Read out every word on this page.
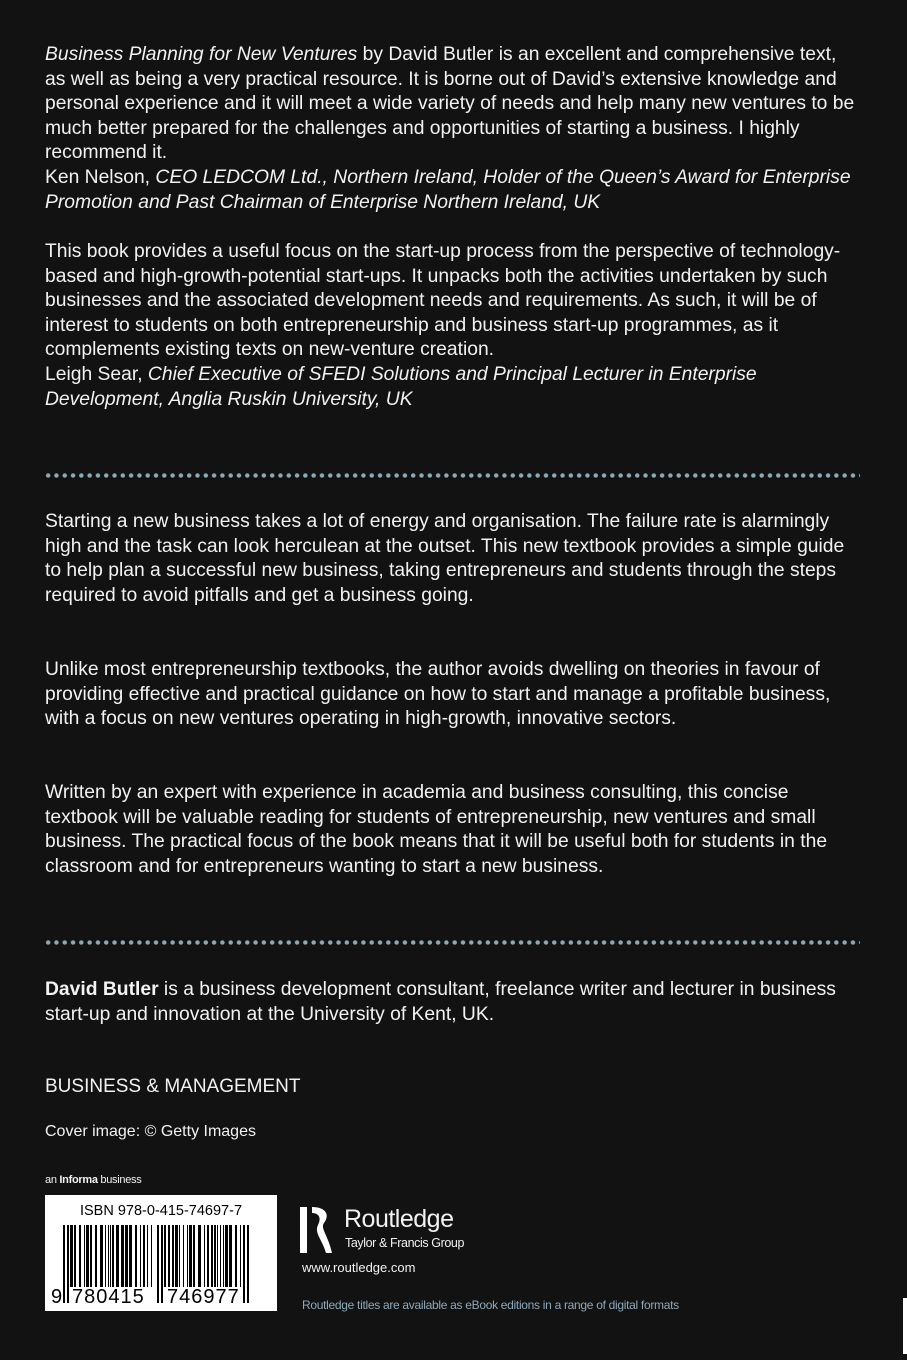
Business Planning for New Ventures by David Butler is an excellent and comprehensive text, as well as being a very practical resource. It is borne out of David’s extensive knowledge and personal experience and it will meet a wide variety of needs and help many new ventures to be much better prepared for the challenges and opportunities of starting a business. I highly recommend it.
Ken Nelson, CEO LEDCOM Ltd., Northern Ireland, Holder of the Queen’s Award for Enterprise Promotion and Past Chairman of Enterprise Northern Ireland, UK
This book provides a useful focus on the start-up process from the perspective of technology-based and high-growth-potential start-ups. It unpacks both the activities undertaken by such businesses and the associated development needs and requirements. As such, it will be of interest to students on both entrepreneurship and business start-up programmes, as it complements existing texts on new-venture creation.
Leigh Sear, Chief Executive of SFEDI Solutions and Principal Lecturer in Enterprise Development, Anglia Ruskin University, UK
Starting a new business takes a lot of energy and organisation. The failure rate is alarmingly high and the task can look herculean at the outset. This new textbook provides a simple guide to help plan a successful new business, taking entrepreneurs and students through the steps required to avoid pitfalls and get a business going.
Unlike most entrepreneurship textbooks, the author avoids dwelling on theories in favour of providing effective and practical guidance on how to start and manage a profitable business, with a focus on new ventures operating in high-growth, innovative sectors.
Written by an expert with experience in academia and business consulting, this concise textbook will be valuable reading for students of entrepreneurship, new ventures and small business. The practical focus of the book means that it will be useful both for students in the classroom and for entrepreneurs wanting to start a new business.
David Butler is a business development consultant, freelance writer and lecturer in business start-up and innovation at the University of Kent, UK.
BUSINESS & MANAGEMENT
Cover image: © Getty Images
an Informa business
ISBN 978-0-415-74697-7
9 780415 746977
Routledge
Taylor & Francis Group
www.routledge.com
Routledge titles are available as eBook editions in a range of digital formats
